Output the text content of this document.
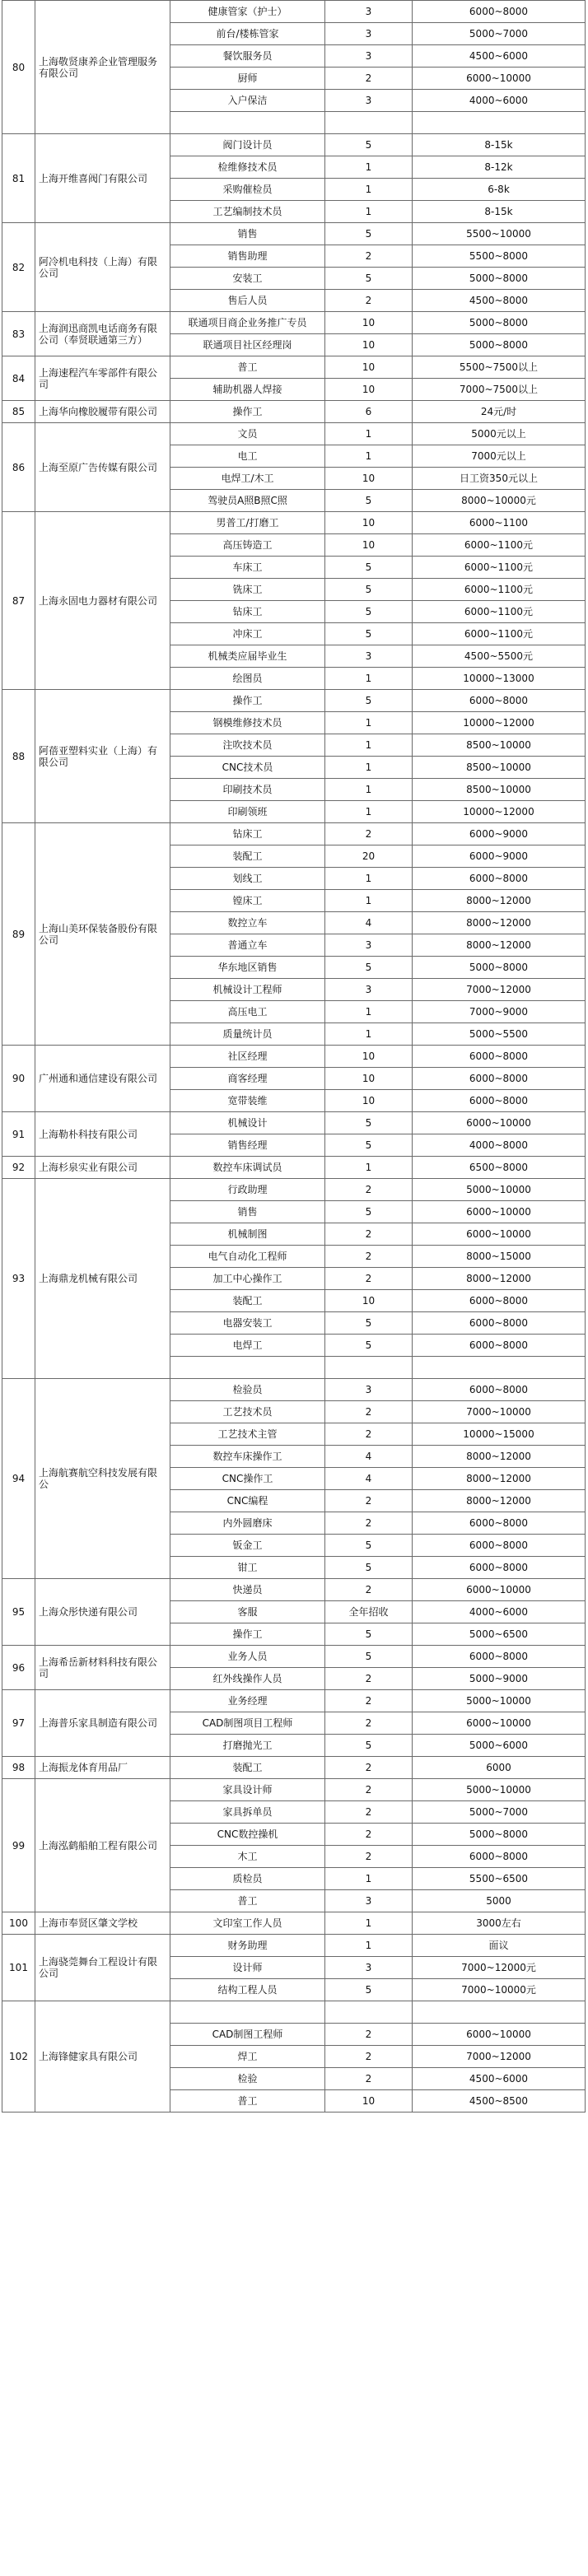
80	上海敬贤康养企业管理服务有限公司	健康管家（护士）	3	6000~8000
		前台/楼栋管家	3	5000~7000
		餐饮服务员	3	4500~6000
		厨师	2	6000~10000
		入户保洁	3	4000~6000

81	上海开维喜阀门有限公司	阀门设计员	5	8-15k
		检维修技术员	1	8-12k
		采购催检员	1	6-8k
		工艺编制技术员	1	8-15k
82	阿冷机电科技（上海）有限公司	销售	5	5500~10000
		销售助理	2	5500~8000
		安装工	5	5000~8000
		售后人员	2	4500~8000
83	上海润迅商凯电话商务有限公司（奉贤联通第三方）	联通项目商企业务推广专员	10	5000~8000
		联通项目社区经理岗	10	5000~8000
84	上海速程汽车零部件有限公司	普工	10	5500~7500以上
		辅助机器人焊接	10	7000~7500以上
85	上海华向橡胶履带有限公司	操作工	6	24元/时
86	上海至原广告传媒有限公司	文员	1	5000元以上
		电工	1	7000元以上
		电焊工/木工	10	日工资350元以上
		驾驶员A照B照C照	5	8000~10000元
87	上海永固电力器材有限公司	男普工/打磨工	10	6000~1100
		高压铸造工	10	6000~1100元
		车床工	5	6000~1100元
		铣床工	5	6000~1100元
		钻床工	5	6000~1100元
		冲床工	5	6000~1100元
		机械类应届毕业生	3	4500~5500元
		绘图员	1	10000~13000
88	阿蓓亚塑料实业（上海）有限公司	操作工	5	6000~8000
		钢模维修技术员	1	10000~12000
		注吹技术员	1	8500~10000
		CNC技术员	1	8500~10000
		印刷技术员	1	8500~10000
		印刷领班	1	10000~12000
89	上海山美环保装备股份有限公司	钻床工	2	6000~9000
		装配工	20	6000~9000
		划线工	1	6000~8000
		镗床工	1	8000~12000
		数控立车	4	8000~12000
		普通立车	3	8000~12000
		华东地区销售	5	5000~8000
		机械设计工程师	3	7000~12000
		高压电工	1	7000~9000
		质量统计员	1	5000~5500
90	广州通和通信建设有限公司	社区经理	10	6000~8000
		商客经理	10	6000~8000
		宽带装维	10	6000~8000
91	上海勒朴科技有限公司	机械设计	5	6000~10000
		销售经理	5	4000~8000
92	上海杉泉实业有限公司	数控车床调试员	1	6500~8000
93	上海鼎龙机械有限公司	行政助理	2	5000~10000
		销售	5	6000~10000
		机械制图	2	6000~10000
		电气自动化工程师	2	8000~15000
		加工中心操作工	2	8000~12000
		装配工	10	6000~8000
		电器安装工	5	6000~8000
		电焊工	5	6000~8000

94	上海航赛航空科技发展有限公	检验员	3	6000~8000
		工艺技术员	2	7000~10000
		工艺技术主管	2	10000~15000
		数控车床操作工	4	8000~12000
		CNC操作工	4	8000~12000
		CNC编程	2	8000~12000
		内外圆磨床	2	6000~8000
		钣金工	5	6000~8000
		钳工	5	6000~8000
95	上海众彤快递有限公司	快递员	2	6000~10000
		客服	全年招收	4000~6000
		操作工	5	5000~6500
96	上海希岳新材料科技有限公司	业务人员	5	6000~8000
		红外线操作人员	2	5000~9000
97	上海普乐家具制造有限公司	业务经理	2	5000~10000
		CAD制图项目工程师	2	6000~10000
		打磨抛光工	5	5000~6000
98	上海振龙体育用品厂	装配工	2	6000
99	上海泓鹤船舶工程有限公司	家具设计师	2	5000~10000
		家具拆单员	2	5000~7000
		CNC数控操机	2	5000~8000
		木工	2	6000~8000
		质检员	1	5500~6500
		普工	3	5000
100	上海市奉贤区肇文学校	文印室工作人员	1	3000左右
101	上海骁莞舞台工程设计有限公司	财务助理	1	面议
		设计师	3	7000~12000元
		结构工程人员	5	7000~10000元
102	上海锋健家具有限公司			
		CAD制图工程师	2	6000~10000
		焊工	2	7000~12000
		检验	2	4500~6000
		普工	10	4500~8500
